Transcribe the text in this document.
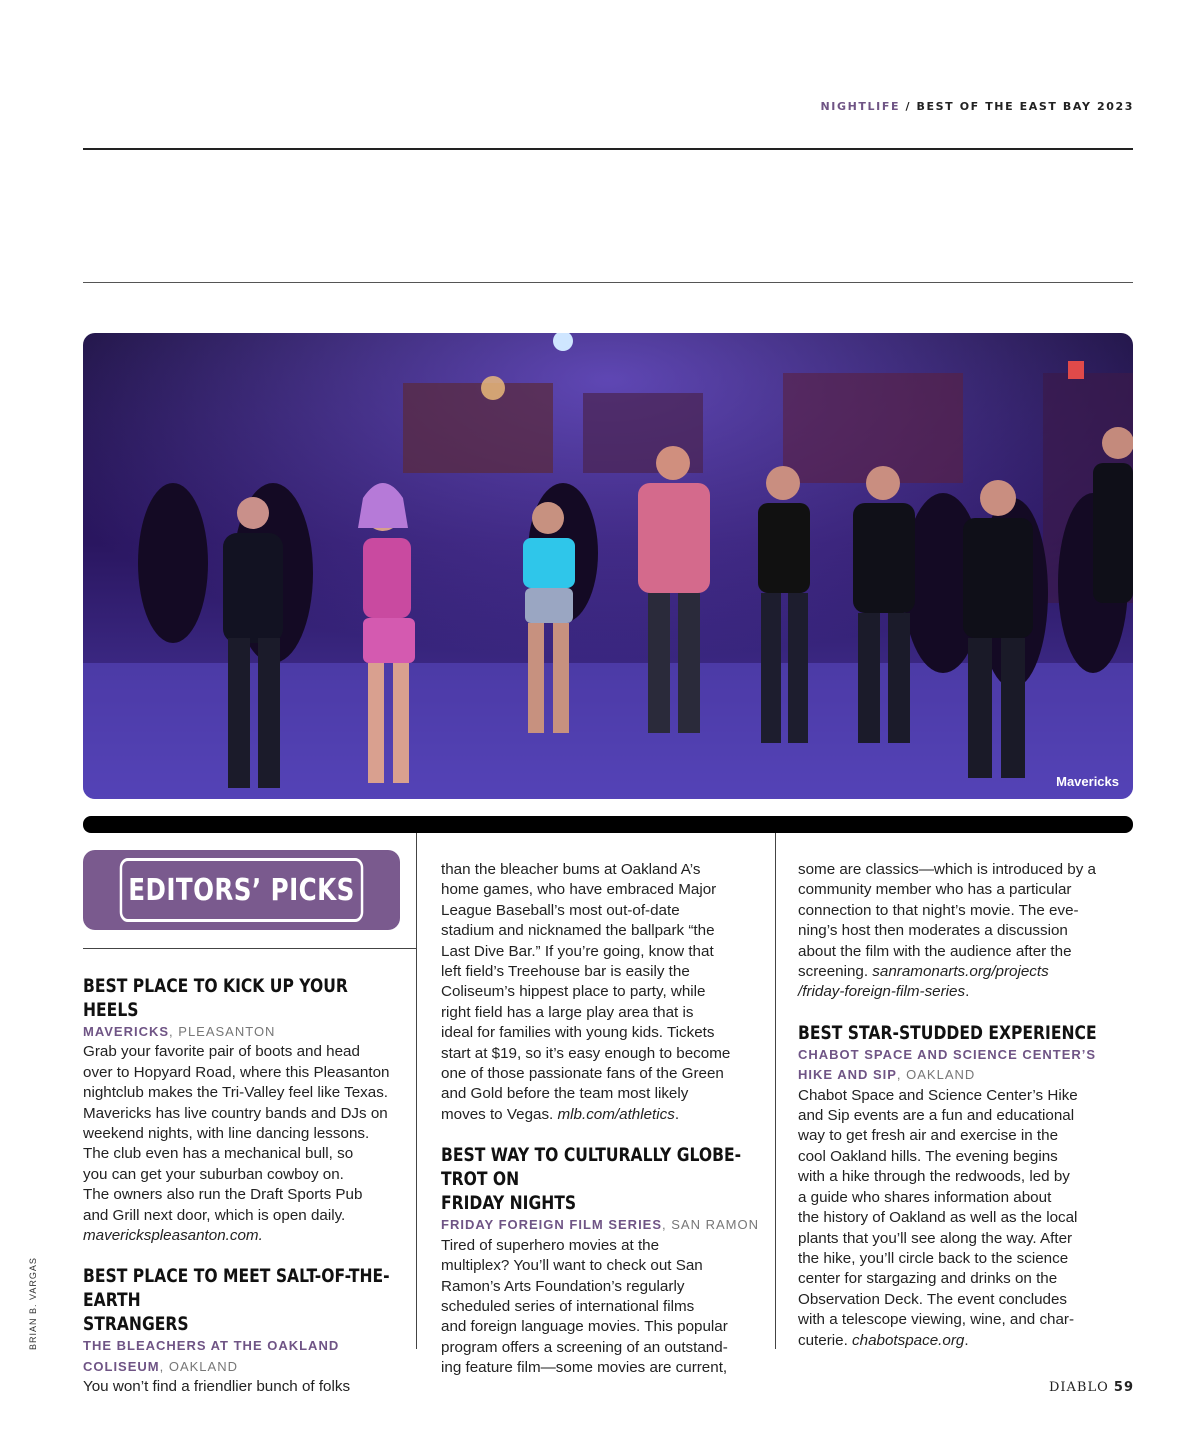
NIGHTLIFE / BEST OF THE EAST BAY 2023
Mavericks
EDITORS’ PICKS

BEST PLACE TO KICK UP YOUR HEELS

MAVERICKS, PLEASANTON

Grab your favorite pair of boots and head

over to Hopyard Road, where this Pleasanton

nightclub makes the Tri-Valley feel like Texas.

Mavericks has live country bands and DJs on

weekend nights, with line dancing lessons.

The club even has a mechanical bull, so

you can get your suburban cowboy on.

The owners also run the Draft Sports Pub

and Grill next door, which is open daily.

maverickspleasanton.com.

BEST PLACE TO MEET SALT-OF-THE-EARTH

STRANGERS

THE BLEACHERS AT THE OAKLAND

COLISEUM, OAKLAND

You won’t find a friendlier bunch of folks

than the bleacher bums at Oakland A’s

home games, who have embraced Major

League Baseball’s most out-of-date

stadium and nicknamed the ballpark “the

Last Dive Bar.” If you’re going, know that

left field’s Treehouse bar is easily the

Coliseum’s hippest place to party, while

right field has a large play area that is

ideal for families with young kids. Tickets

start at $19, so it’s easy enough to become

one of those passionate fans of the Green

and Gold before the team most likely

moves to Vegas. mlb.com/athletics.

BEST WAY TO CULTURALLY GLOBE-TROT ON

FRIDAY NIGHTS

FRIDAY FOREIGN FILM SERIES, SAN RAMON

Tired of superhero movies at the

multiplex? You’ll want to check out San

Ramon’s Arts Foundation’s regularly

scheduled series of international films

and foreign language movies. This popular

program offers a screening of an outstand-

ing feature film—some movies are current,

some are classics—which is introduced by a

community member who has a particular

connection to that night’s movie. The eve-

ning’s host then moderates a discussion

about the film with the audience after the

screening. sanramonarts.org/projects

/friday-foreign-film-series.

BEST STAR-STUDDED EXPERIENCE

CHABOT SPACE AND SCIENCE CENTER’S

HIKE AND SIP, OAKLAND

Chabot Space and Science Center’s Hike

and Sip events are a fun and educational

way to get fresh air and exercise in the

cool Oakland hills. The evening begins

with a hike through the redwoods, led by

a guide who shares information about

the history of Oakland as well as the local

plants that you’ll see along the way. After

the hike, you’ll circle back to the science

center for stargazing and drinks on the

Observation Deck. The event concludes

with a telescope viewing, wine, and char-

cuterie. chabotspace.org.

BRIAN B. VARGAS
DIABLO 59
